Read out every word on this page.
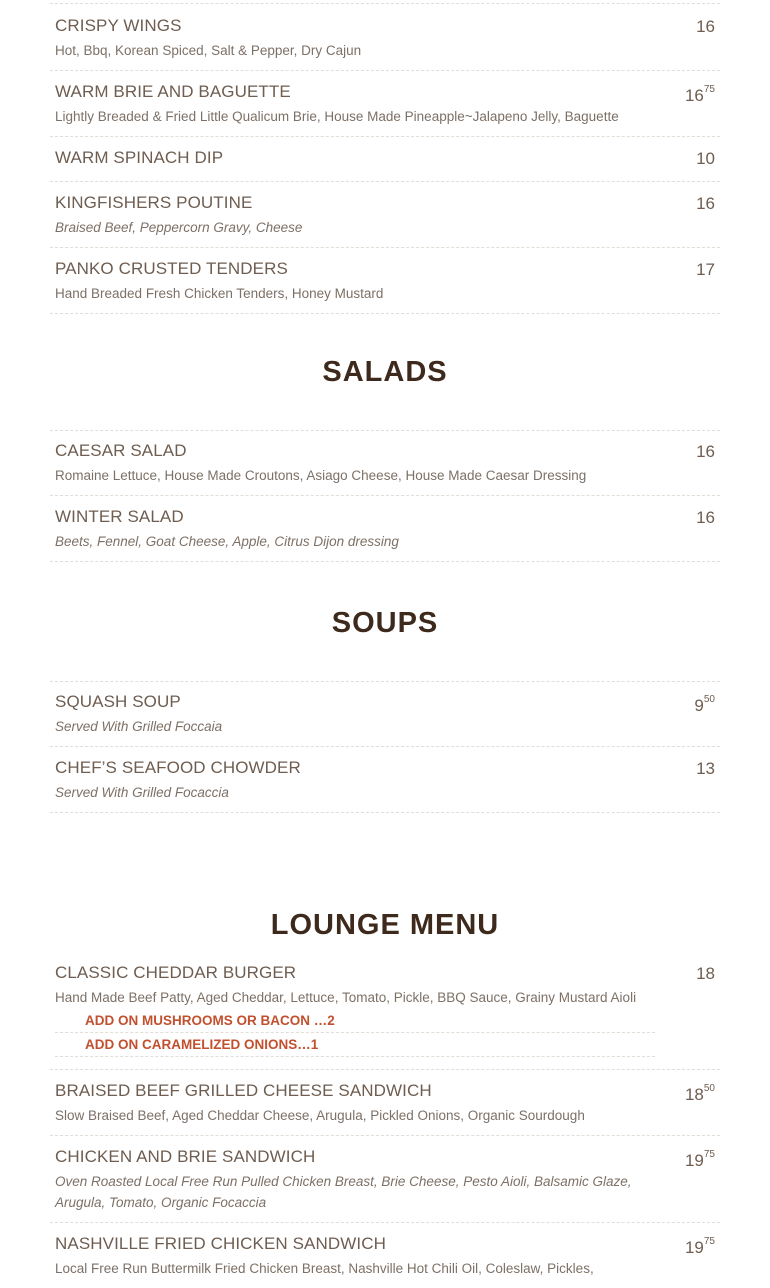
CRISPY WINGS
Hot, Bbq, Korean Spiced, Salt & Pepper, Dry Cajun
16
WARM BRIE AND BAGUETTE
Lightly Breaded & Fried Little Qualicum Brie, House Made Pineapple~Jalapeno Jelly, Baguette
$16^{75}$
WARM SPINACH DIP	10
KINGFISHERS POUTINE
Braised Beef, Peppercorn Gravy, Cheese
16
PANKO CRUSTED TENDERS
Hand Breaded Fresh Chicken Tenders, Honey Mustard
17
SALADS
CAESAR SALAD
Romaine Lettuce, House Made Croutons, Asiago Cheese, House Made Caesar Dressing
16
WINTER SALAD
Beets, Fennel, Goat Cheese, Apple, Citrus Dijon dressing
16
SOUPS
SQUASH SOUP
Served With Grilled Foccaia
$9^{50}$
CHEF’S SEAFOOD CHOWDER
Served With Grilled Focaccia
13
LOUNGE MENU
CLASSIC CHEDDAR BURGER
Hand Made Beef Patty, Aged Cheddar, Lettuce, Tomato, Pickle, BBQ Sauce, Grainy Mustard Aioli
ADD ON MUSHROOMS OR BACON …2
ADD ON CARAMELIZED ONIONS…1
18
BRAISED BEEF GRILLED CHEESE SANDWICH
Slow Braised Beef, Aged Cheddar Cheese, Arugula, Pickled Onions, Organic Sourdough
$18^{50}$
CHICKEN AND BRIE SANDWICH
Oven Roasted Local Free Run Pulled Chicken Breast, Brie Cheese, Pesto Aioli, Balsamic Glaze, Arugula, Tomato, Organic Focaccia
$19^{75}$
NASHVILLE FRIED CHICKEN SANDWICH
Local Free Run Buttermilk Fried Chicken Breast, Nashville Hot Chili Oil, Coleslaw, Pickles,
$19^{75}$
